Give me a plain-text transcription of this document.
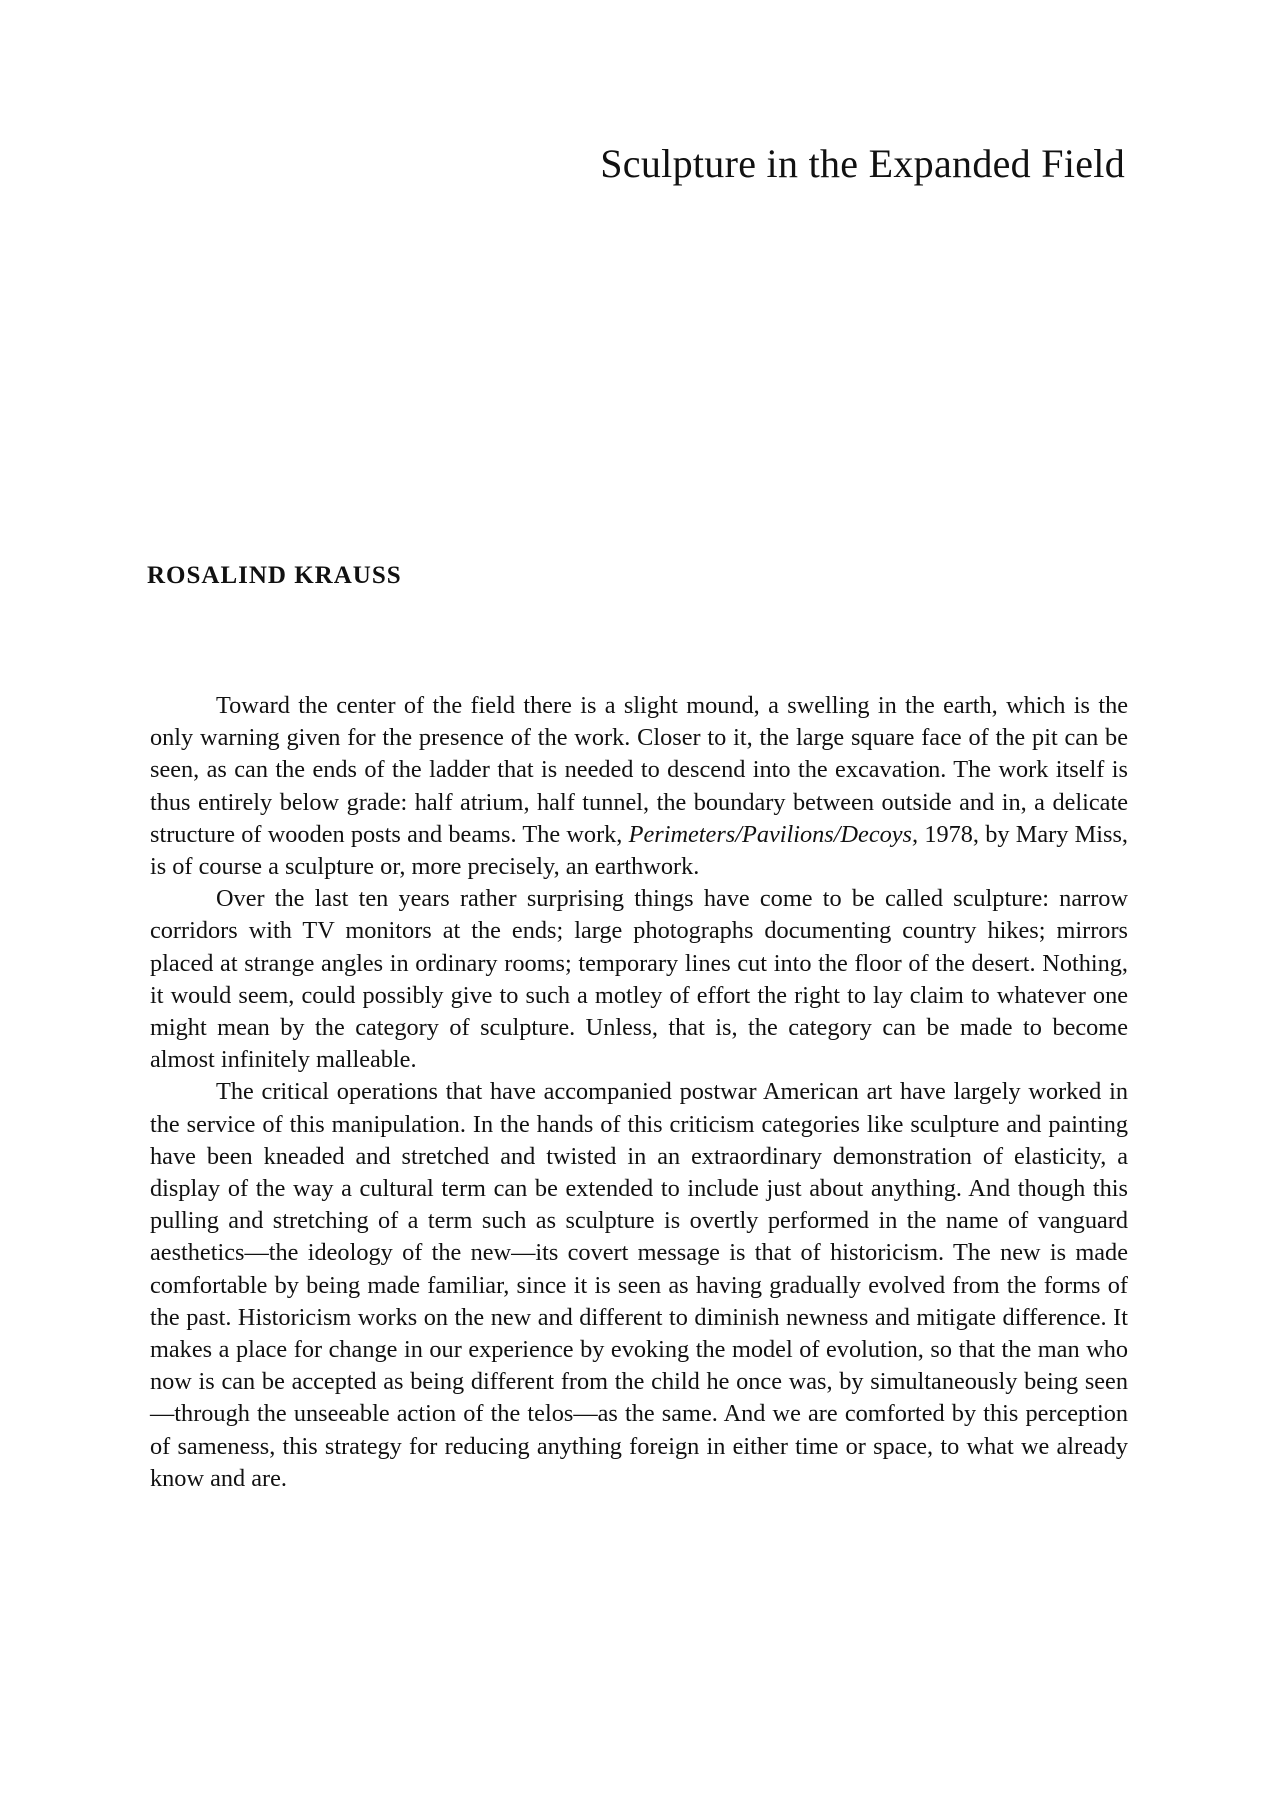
Sculpture in the Expanded Field
ROSALIND KRAUSS

Toward the center of the field there is a slight mound, a swelling in the earth, which is the only warning given for the presence of the work. Closer to it, the large square face of the pit can be seen, as can the ends of the ladder that is needed to descend into the excavation. The work itself is thus entirely below grade: half atrium, half tunnel, the boundary between outside and in, a delicate structure of wooden posts and beams. The work, Perimeters/Pavilions/Decoys, 1978, by Mary Miss, is of course a sculpture or, more precisely, an earthwork.

Over the last ten years rather surprising things have come to be called sculpture: narrow corridors with TV monitors at the ends; large photographs documenting country hikes; mirrors placed at strange angles in ordinary rooms; temporary lines cut into the floor of the desert. Nothing, it would seem, could possibly give to such a motley of effort the right to lay claim to whatever one might mean by the category of sculpture. Unless, that is, the category can be made to become almost infinitely malleable.

The critical operations that have accompanied postwar American art have largely worked in the service of this manipulation. In the hands of this criticism categories like sculpture and painting have been kneaded and stretched and twisted in an extraordinary demonstration of elasticity, a display of the way a cultural term can be extended to include just about anything. And though this pulling and stretching of a term such as sculpture is overtly performed in the name of vanguard aesthetics—the ideology of the new—its covert message is that of historicism. The new is made comfortable by being made familiar, since it is seen as having gradually evolved from the forms of the past. Historicism works on the new and different to diminish newness and mitigate difference. It makes a place for change in our experience by evoking the model of evolution, so that the man who now is can be accepted as being different from the child he once was, by simultaneously being seen—through the unseeable action of the telos—as the same. And we are comforted by this perception of sameness, this strategy for reducing anything foreign in either time or space, to what we already know and are.
